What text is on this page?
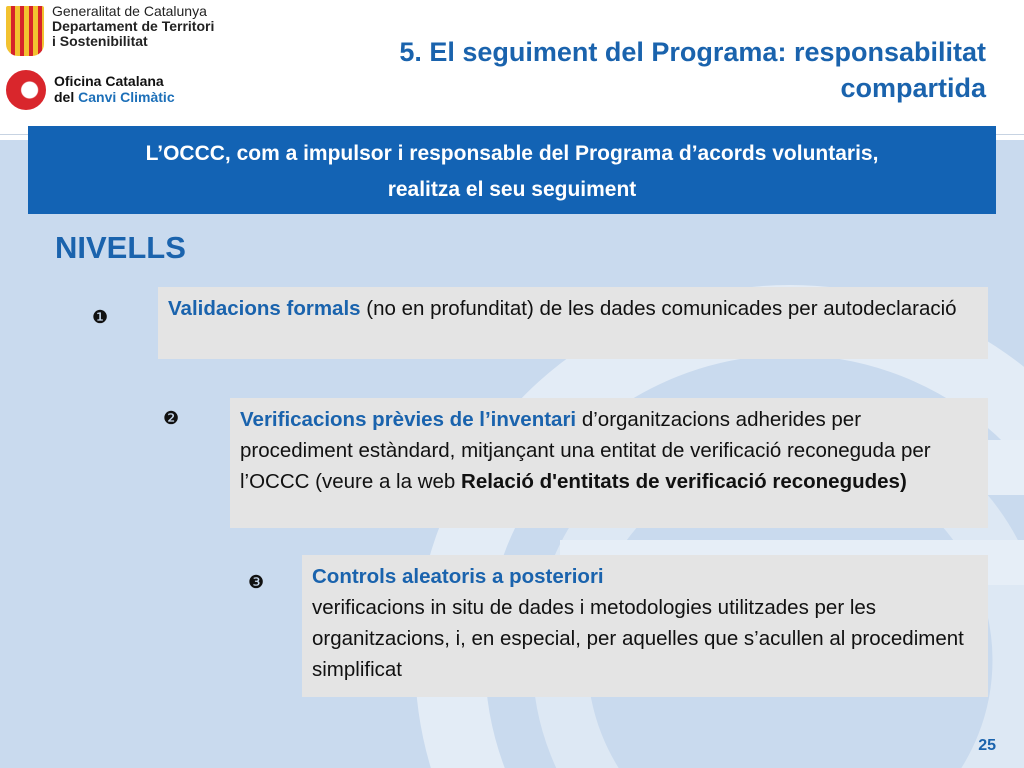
Generalitat de Catalunya
Departament de Territori
i Sostenibilitat
Oficina Catalana
del Canvi Climàtic
5. El seguiment del Programa: responsabilitat
compartida
L’OCCC, com a impulsor i responsable del Programa d’acords voluntaris,
realitza el seu seguiment
NIVELLS
❶	Validacions formals (no en profunditat) de les dades comunicades per autodeclaració
❷	Verificacions prèvies de l’inventari d’organitzacions adherides per procediment estàndard, mitjançant una entitat de verificació reconeguda per l’OCCC (veure a la web Relació d'entitats de verificació reconegudes)
❸ Controls aleatoris a posteriori
verificacions in situ de dades i metodologies utilitzades per les organitzacions, i, en especial, per aquelles que s’acullen al procediment simplificat
25
